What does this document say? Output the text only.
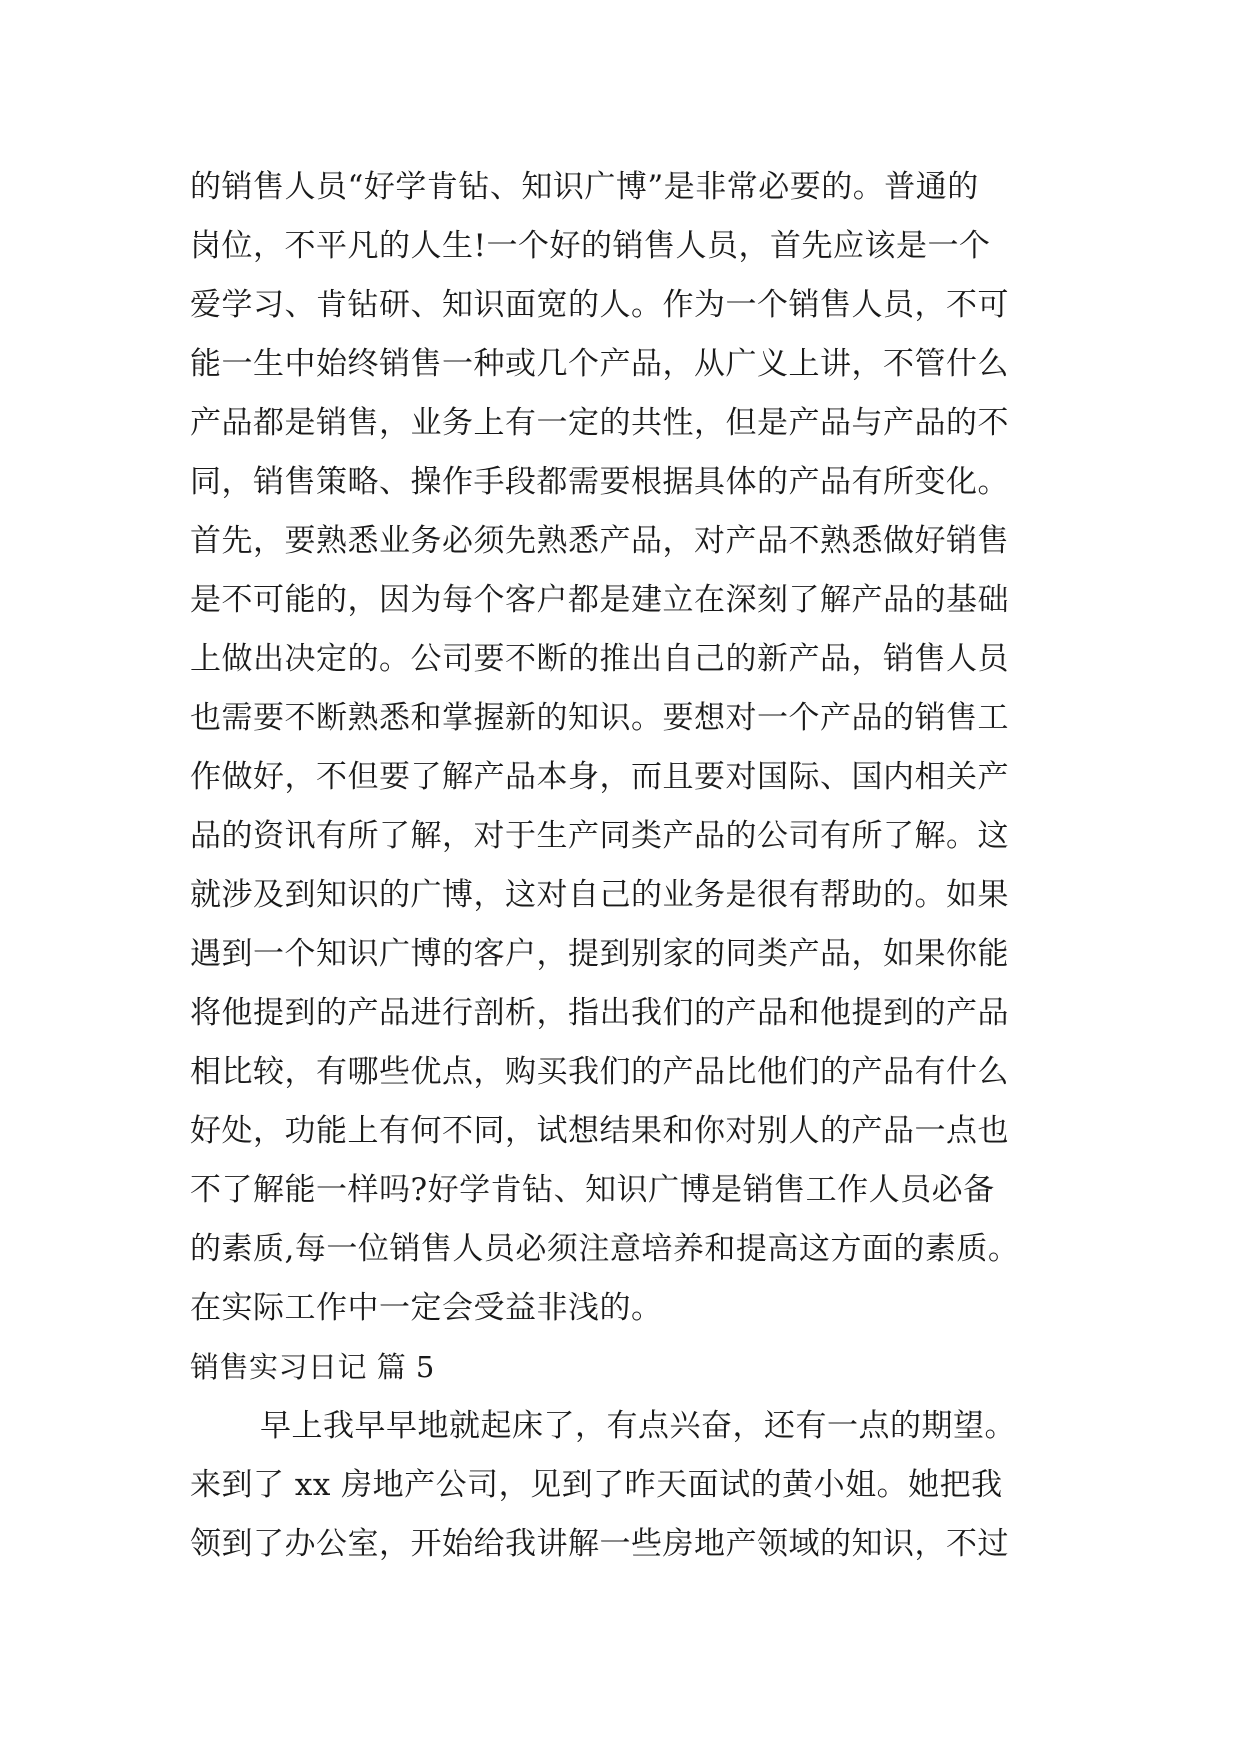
的销售人员“好学肯钻、知识广博”是非常必要的。普通的
岗位，不平凡的人生!一个好的销售人员，首先应该是一个
爱学习、肯钻研、知识面宽的人。作为一个销售人员，不可
能一生中始终销售一种或几个产品，从广义上讲，不管什么
产品都是销售，业务上有一定的共性，但是产品与产品的不
同，销售策略、操作手段都需要根据具体的产品有所变化。
首先，要熟悉业务必须先熟悉产品，对产品不熟悉做好销售
是不可能的，因为每个客户都是建立在深刻了解产品的基础
上做出决定的。公司要不断的推出自己的新产品，销售人员
也需要不断熟悉和掌握新的知识。要想对一个产品的销售工
作做好，不但要了解产品本身，而且要对国际、国内相关产
品的资讯有所了解，对于生产同类产品的公司有所了解。这
就涉及到知识的广博，这对自己的业务是很有帮助的。如果
遇到一个知识广博的客户，提到别家的同类产品，如果你能
将他提到的产品进行剖析，指出我们的产品和他提到的产品
相比较，有哪些优点，购买我们的产品比他们的产品有什么
好处，功能上有何不同，试想结果和你对别人的产品一点也
不了解能一样吗?好学肯钻、知识广博是销售工作人员必备
的素质,每一位销售人员必须注意培养和提高这方面的素质。
在实际工作中一定会受益非浅的。
销售实习日记 篇 5
早上我早早地就起床了，有点兴奋，还有一点的期望。
来到了 xx 房地产公司，见到了昨天面试的黄小姐。她把我
领到了办公室，开始给我讲解一些房地产领域的知识，不过
